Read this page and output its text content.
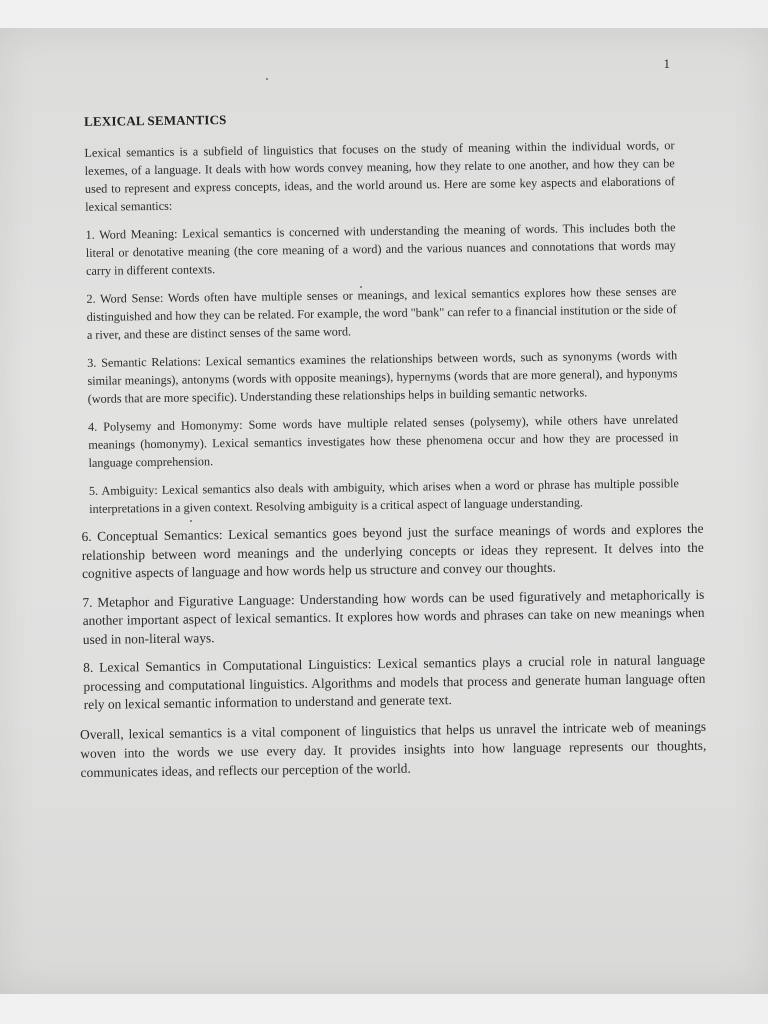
1
LEXICAL SEMANTICS

Lexical semantics is a subfield of linguistics that focuses on the study of meaning within the individual words, or lexemes, of a language. It deals with how words convey meaning, how they relate to one another, and how they can be used to represent and express concepts, ideas, and the world around us. Here are some key aspects and elaborations of lexical semantics:

1. Word Meaning: Lexical semantics is concerned with understanding the meaning of words. This includes both the literal or denotative meaning (the core meaning of a word) and the various nuances and connotations that words may carry in different contexts.

2. Word Sense: Words often have multiple senses or meanings, and lexical semantics explores how these senses are distinguished and how they can be related. For example, the word "bank" can refer to a financial institution or the side of a river, and these are distinct senses of the same word.

3. Semantic Relations: Lexical semantics examines the relationships between words, such as synonyms (words with similar meanings), antonyms (words with opposite meanings), hypernyms (words that are more general), and hyponyms (words that are more specific). Understanding these relationships helps in building semantic networks.

4. Polysemy and Homonymy: Some words have multiple related senses (polysemy), while others have unrelated meanings (homonymy). Lexical semantics investigates how these phenomena occur and how they are processed in language comprehension.

5. Ambiguity: Lexical semantics also deals with ambiguity, which arises when a word or phrase has multiple possible interpretations in a given context. Resolving ambiguity is a critical aspect of language understanding.

6. Conceptual Semantics: Lexical semantics goes beyond just the surface meanings of words and explores the relationship between word meanings and the underlying concepts or ideas they represent. It delves into the cognitive aspects of language and how words help us structure and convey our thoughts.

7. Metaphor and Figurative Language: Understanding how words can be used figuratively and metaphorically is another important aspect of lexical semantics. It explores how words and phrases can take on new meanings when used in non-literal ways.

8. Lexical Semantics in Computational Linguistics: Lexical semantics plays a crucial role in natural language processing and computational linguistics. Algorithms and models that process and generate human language often rely on lexical semantic information to understand and generate text.

Overall, lexical semantics is a vital component of linguistics that helps us unravel the intricate web of meanings woven into the words we use every day. It provides insights into how language represents our thoughts, communicates ideas, and reflects our perception of the world.
